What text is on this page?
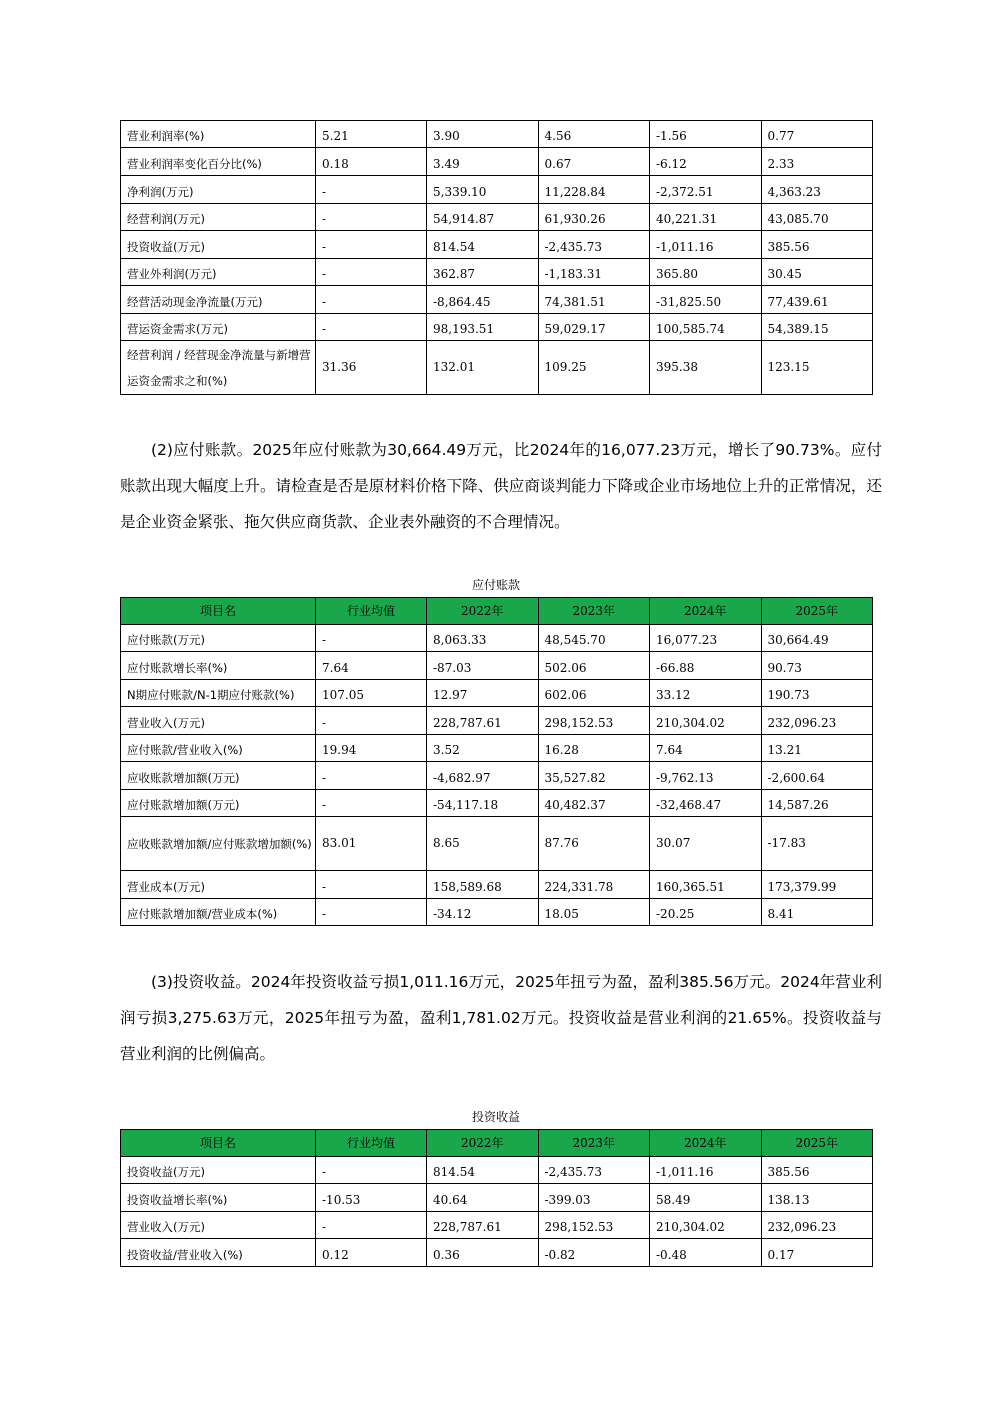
营业利润率(%)	5.21	3.90	4.56	-1.56	0.77
营业利润率变化百分比(%)	0.18	3.49	0.67	-6.12	2.33
净利润(万元)	-	5,339.10	11,228.84	-2,372.51	4,363.23
经营利润(万元)	-	54,914.87	61,930.26	40,221.31	43,085.70
投资收益(万元)	-	814.54	-2,435.73	-1,011.16	385.56
营业外利润(万元)	-	362.87	-1,183.31	365.80	30.45
经营活动现金净流量(万元)	-	-8,864.45	74,381.51	-31,825.50	77,439.61
营运资金需求(万元)	-	98,193.51	59,029.17	100,585.74	54,389.15
经营利润 / 经营现金净流量与新增营运资金需求之和(%)	31.36	132.01	109.25	395.38	123.15

(2)应付账款。2025年应付账款为30,664.49万元，比2024年的16,077.23万元，增长了90.73%。应付账款出现大幅度上升。请检查是否是原材料价格下降、供应商谈判能力下降或企业市场地位上升的正常情况，还是企业资金紧张、拖欠供应商货款、企业表外融资的不合理情况。

应付账款
项目名	行业均值	2022年	2023年	2024年	2025年
应付账款(万元)	-	8,063.33	48,545.70	16,077.23	30,664.49
应付账款增长率(%)	7.64	-87.03	502.06	-66.88	90.73
N期应付账款/N-1期应付账款(%)	107.05	12.97	602.06	33.12	190.73
营业收入(万元)	-	228,787.61	298,152.53	210,304.02	232,096.23
应付账款/营业收入(%)	19.94	3.52	16.28	7.64	13.21
应收账款增加额(万元)	-	-4,682.97	35,527.82	-9,762.13	-2,600.64
应付账款增加额(万元)	-	-54,117.18	40,482.37	-32,468.47	14,587.26
应收账款增加额/应付账款增加额(%)	83.01	8.65	87.76	30.07	-17.83
营业成本(万元)	-	158,589.68	224,331.78	160,365.51	173,379.99
应付账款增加额/营业成本(%)	-	-34.12	18.05	-20.25	8.41

(3)投资收益。2024年投资收益亏损1,011.16万元，2025年扭亏为盈，盈利385.56万元。2024年营业利润亏损3,275.63万元，2025年扭亏为盈，盈利1,781.02万元。投资收益是营业利润的21.65%。投资收益与营业利润的比例偏高。

投资收益
项目名	行业均值	2022年	2023年	2024年	2025年
投资收益(万元)	-	814.54	-2,435.73	-1,011.16	385.56
投资收益增长率(%)	-10.53	40.64	-399.03	58.49	138.13
营业收入(万元)	-	228,787.61	298,152.53	210,304.02	232,096.23
投资收益/营业收入(%)	0.12	0.36	-0.82	-0.48	0.17
